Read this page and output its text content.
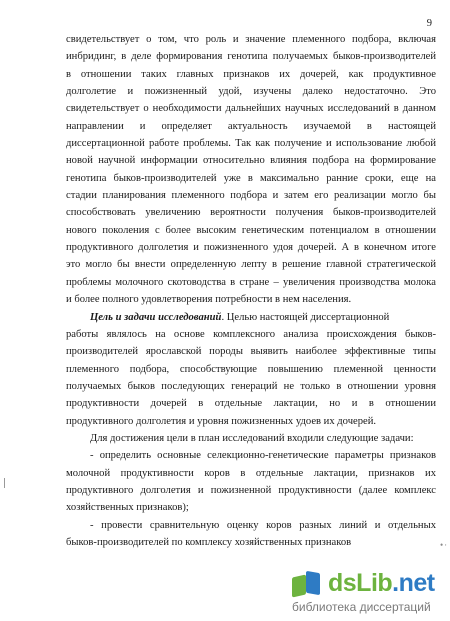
9
свидетельствует о том, что роль и значение племенного подбора, включая
инбридинг, в деле формирования генотипа получаемых быков-производителей
в отношении таких главных признаков их дочерей, как продуктивное
долголетие и пожизненный удой, изучены далеко недостаточно. Это
свидетельствует о необходимости дальнейших научных исследований в данном
направлении и определяет актуальность изучаемой в настоящей
диссертационной работе проблемы. Так как получение и использование любой
новой научной информации относительно влияния подбора на формирование
генотипа быков-производителей уже в максимально ранние сроки, еще на
стадии планирования племенного подбора и затем его реализации могло бы
способствовать увеличению вероятности получения быков-производителей
нового поколения с более высоким генетическим потенциалом в отношении
продуктивного долголетия и пожизненного удоя дочерей. А в конечном итоге
это могло бы внести определенную лепту в решение главной стратегической
проблемы молочного скотоводства в стране – увеличения производства молока
и более полного удовлетворения потребности в нем населения.
Цель и задачи исследований. Целью настоящей диссертационной
работы являлось на основе комплексного анализа происхождения быков-
производителей ярославской породы выявить наиболее эффективные типы
племенного подбора, способствующие повышению племенной ценности
получаемых быков последующих генераций не только в отношении уровня
продуктивности дочерей в отдельные лактации, но и в отношении
продуктивного долголетия и уровня пожизненных удоев их дочерей.
Для достижения цели в план исследований входили следующие задачи:
- определить основные селекционно-генетические параметры признаков
молочной продуктивности коров в отдельные лактации, признаков их
продуктивного долголетия и пожизненной продуктивности (далее комплекс
хозяйственных признаков);
- провести сравнительную оценку коров разных линий и отдельных
быков-производителей по комплексу хозяйственных признаков	•·
dsLib.net
библиотека диссертаций
